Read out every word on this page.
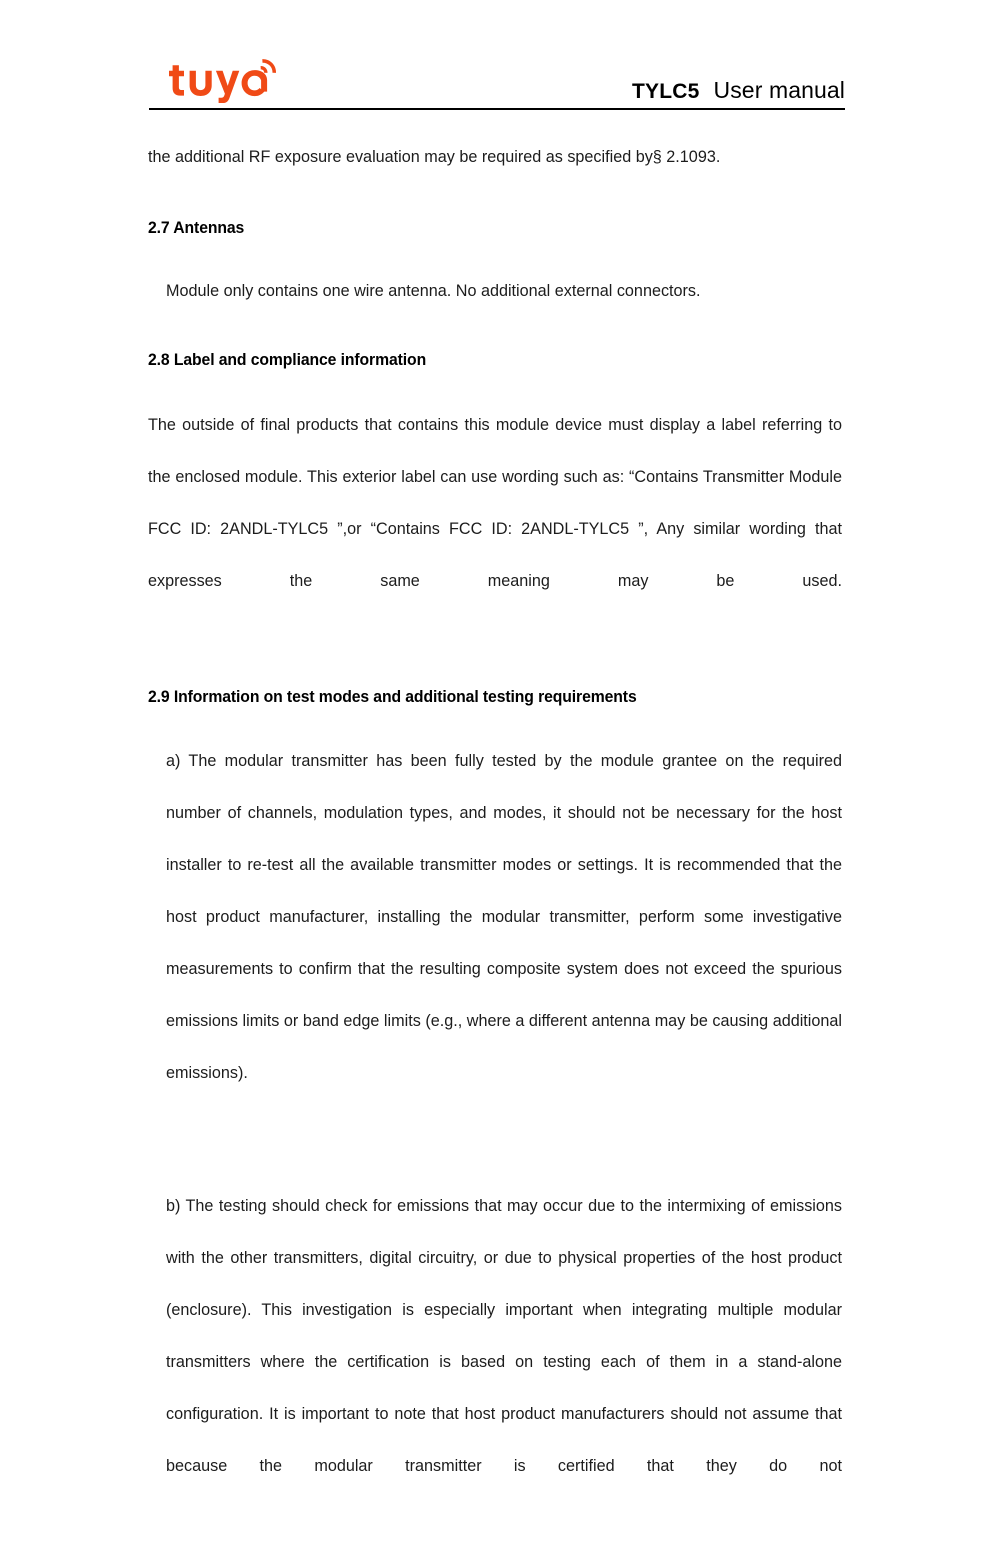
TYLC5 User manual

the additional RF exposure evaluation may be required as specified by§ 2.1093.

2.7 Antennas

Module only contains one wire antenna. No additional external connectors.

2.8 Label and compliance information

The outside of final products that contains this module device must display a label referring to the enclosed module. This exterior label can use wording such as: “Contains Transmitter Module FCC ID: 2ANDL-TYLC5 ”,or “Contains FCC ID: 2ANDL-TYLC5 ”, Any similar wording that expresses the same meaning may be used.

2.9 Information on test modes and additional testing requirements

a) The modular transmitter has been fully tested by the module grantee on the required number of channels, modulation types, and modes, it should not be necessary for the host installer to re-test all the available transmitter modes or settings. It is recommended that the host product manufacturer, installing the modular transmitter, perform some investigative measurements to confirm that the resulting composite system does not exceed the spurious emissions limits or band edge limits (e.g., where a different antenna may be causing additional emissions).

b) The testing should check for emissions that may occur due to the intermixing of emissions with the other transmitters, digital circuitry, or due to physical properties of the host product (enclosure). This investigation is especially important when integrating multiple modular transmitters where the certification is based on testing each of them in a stand-alone configuration. It is important to note that host product manufacturers should not assume that because the modular transmitter is certified that they do not
